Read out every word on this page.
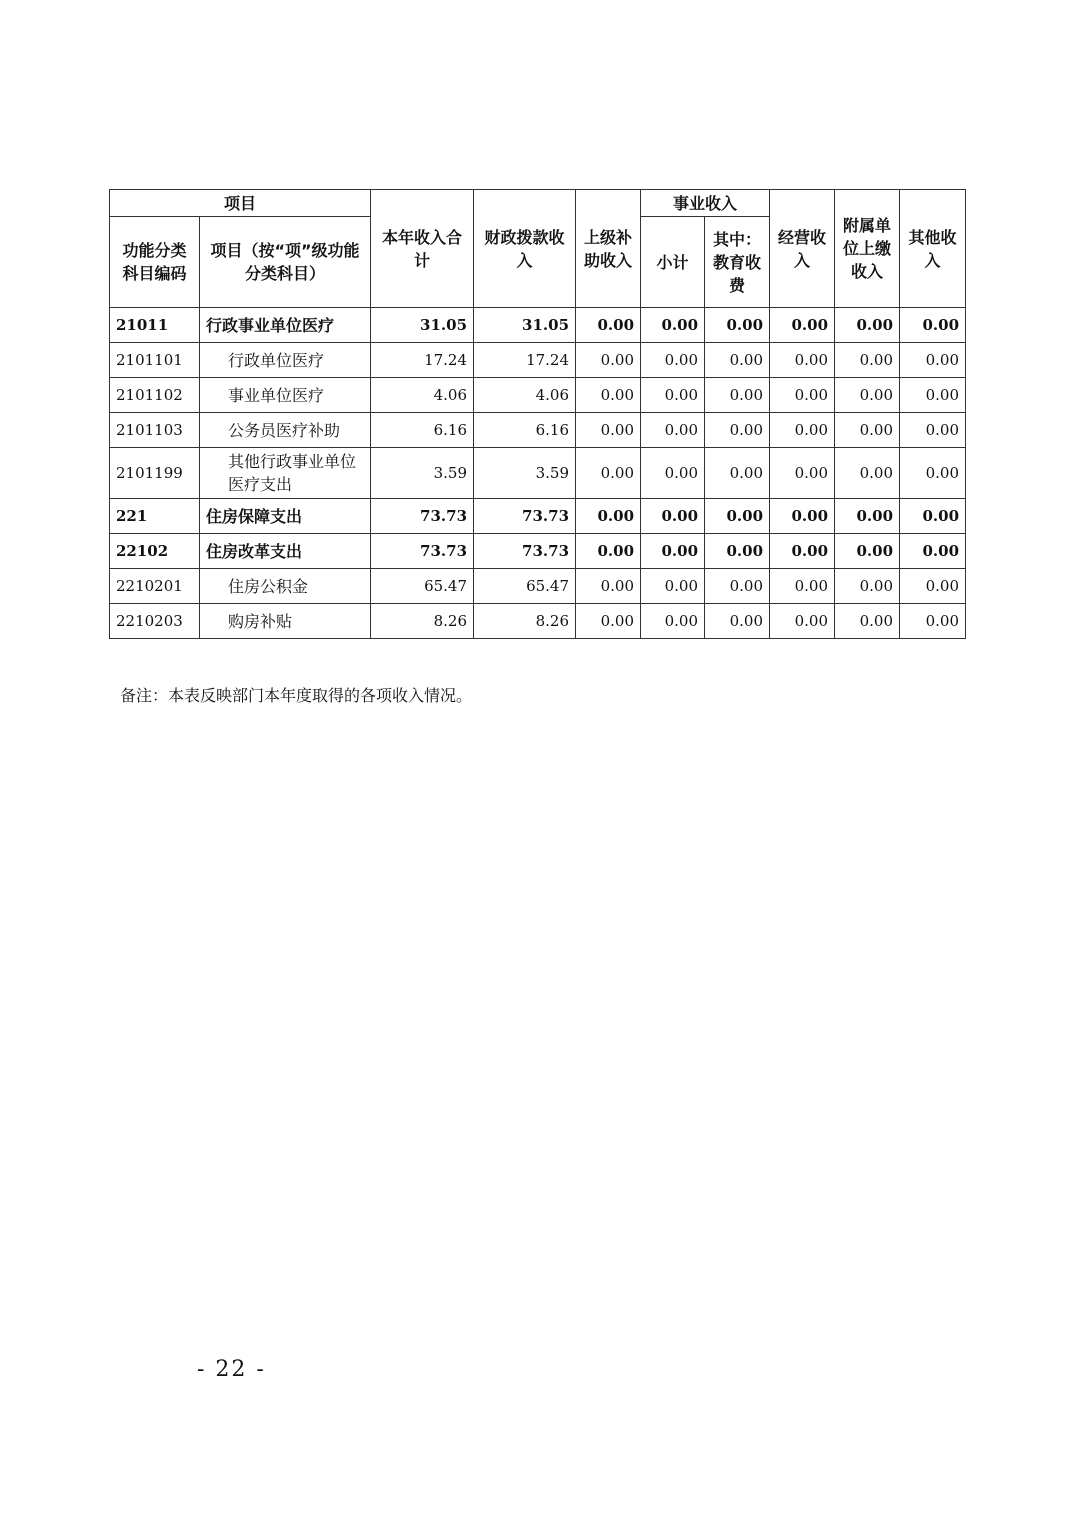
项目		本年收入合计	财政拨款收入	上级补助收入	事业收入		经营收入	附属单位上缴收入	其他收入
功能分类科目编码	项目（按“项”级功能分类科目）								
					小计	其中：教育收费			
21011	行政事业单位医疗	31.05	31.05	0.00	0.00	0.00	0.00	0.00	0.00
2101101	行政单位医疗	17.24	17.24	0.00	0.00	0.00	0.00	0.00	0.00
2101102	事业单位医疗	4.06	4.06	0.00	0.00	0.00	0.00	0.00	0.00
2101103	公务员医疗补助	6.16	6.16	0.00	0.00	0.00	0.00	0.00	0.00
2101199	其他行政事业单位医疗支出	3.59	3.59	0.00	0.00	0.00	0.00	0.00	0.00
221	住房保障支出	73.73	73.73	0.00	0.00	0.00	0.00	0.00	0.00
22102	住房改革支出	73.73	73.73	0.00	0.00	0.00	0.00	0.00	0.00
2210201	住房公积金	65.47	65.47	0.00	0.00	0.00	0.00	0.00	0.00
2210203	购房补贴	8.26	8.26	0.00	0.00	0.00	0.00	0.00	0.00

备注：本表反映部门本年度取得的各项收入情况。

- 22 -
